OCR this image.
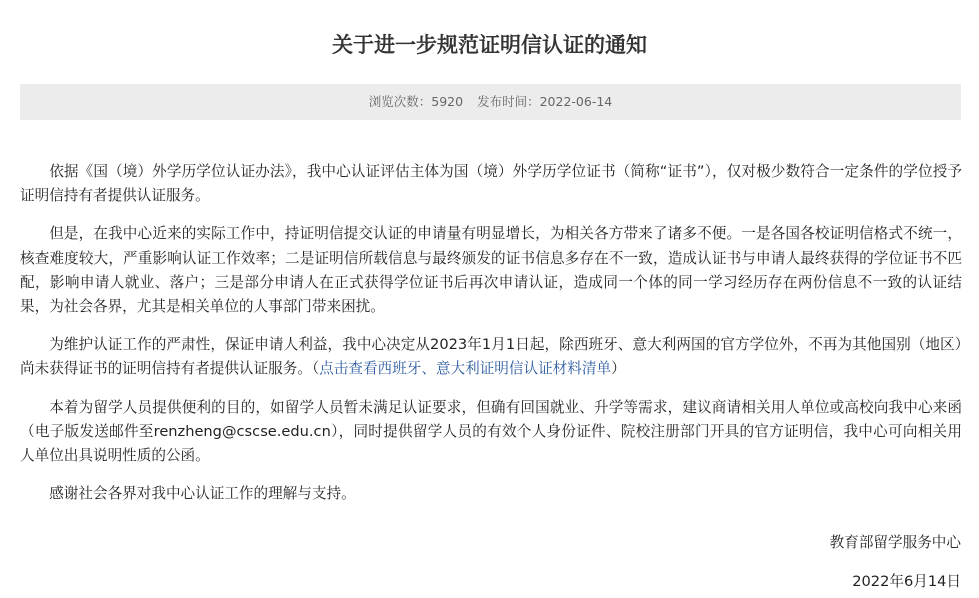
关于进一步规范证明信认证的通知
浏览次数：5920 发布时间：2022-06-14

依据《国（境）外学历学位认证办法》，我中心认证评估主体为国（境）外学历学位证书（简称“证书”），仅对极少数符合一定条件的学位授予证明信持有者提供认证服务。

但是，在我中心近来的实际工作中，持证明信提交认证的申请量有明显增长，为相关各方带来了诸多不便。一是各国各校证明信格式不统一，核查难度较大，严重影响认证工作效率；二是证明信所载信息与最终颁发的证书信息多存在不一致，造成认证书与申请人最终获得的学位证书不匹配，影响申请人就业、落户；三是部分申请人在正式获得学位证书后再次申请认证，造成同一个体的同一学习经历存在两份信息不一致的认证结果，为社会各界，尤其是相关单位的人事部门带来困扰。

为维护认证工作的严肃性，保证申请人利益，我中心决定从2023年1月1日起，除西班牙、意大利两国的官方学位外，不再为其他国别（地区）尚未获得证书的证明信持有者提供认证服务。（点击查看西班牙、意大利证明信认证材料清单）

本着为留学人员提供便利的目的，如留学人员暂未满足认证要求，但确有回国就业、升学等需求，建议商请相关用人单位或高校向我中心来函（电子版发送邮件至renzheng@cscse.edu.cn），同时提供留学人员的有效个人身份证件、院校注册部门开具的官方证明信，我中心可向相关用人单位出具说明性质的公函。

感谢社会各界对我中心认证工作的理解与支持。

教育部留学服务中心
2022年6月14日
